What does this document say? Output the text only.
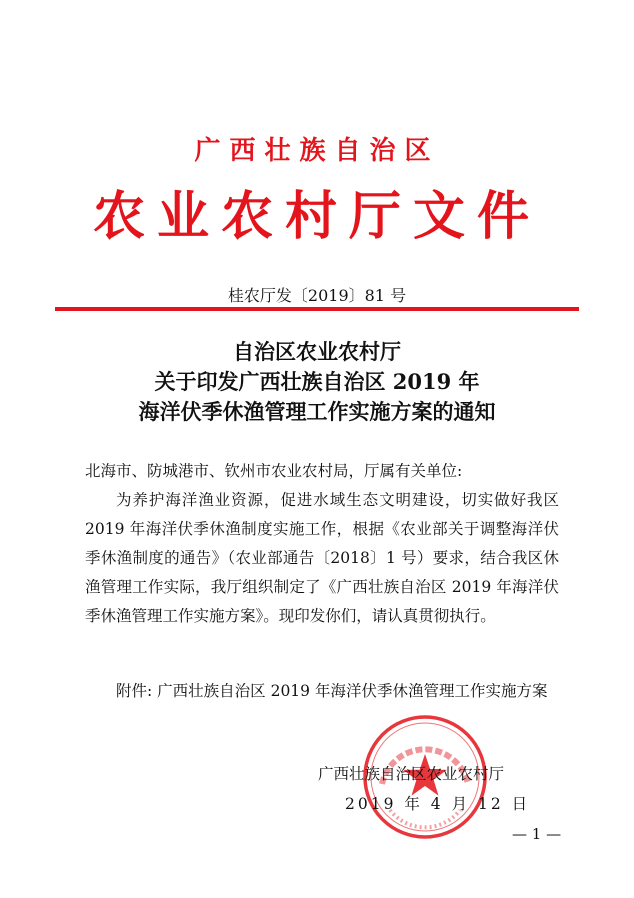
广西壮族自治区
农业农村厅文件
桂农厅发〔2019〕81 号
自治区农业农村厅
关于印发广西壮族自治区 2019 年
海洋伏季休渔管理工作实施方案的通知
北海市、防城港市、钦州市农业农村局，厅属有关单位:
为养护海洋渔业资源，促进水域生态文明建设，切实做好我区 2019 年海洋伏季休渔制度实施工作，根据《农业部关于调整海洋伏季休渔制度的通告》（农业部通告〔2018〕1 号）要求，结合我区休渔管理工作实际，我厅组织制定了《广西壮族自治区 2019 年海洋伏季休渔管理工作实施方案》。现印发你们，请认真贯彻执行。
附件: 广西壮族自治区 2019 年海洋伏季休渔管理工作实施方案
广西壮族自治区农业农村厅
2019 年 4 月 12 日
— 1 —
